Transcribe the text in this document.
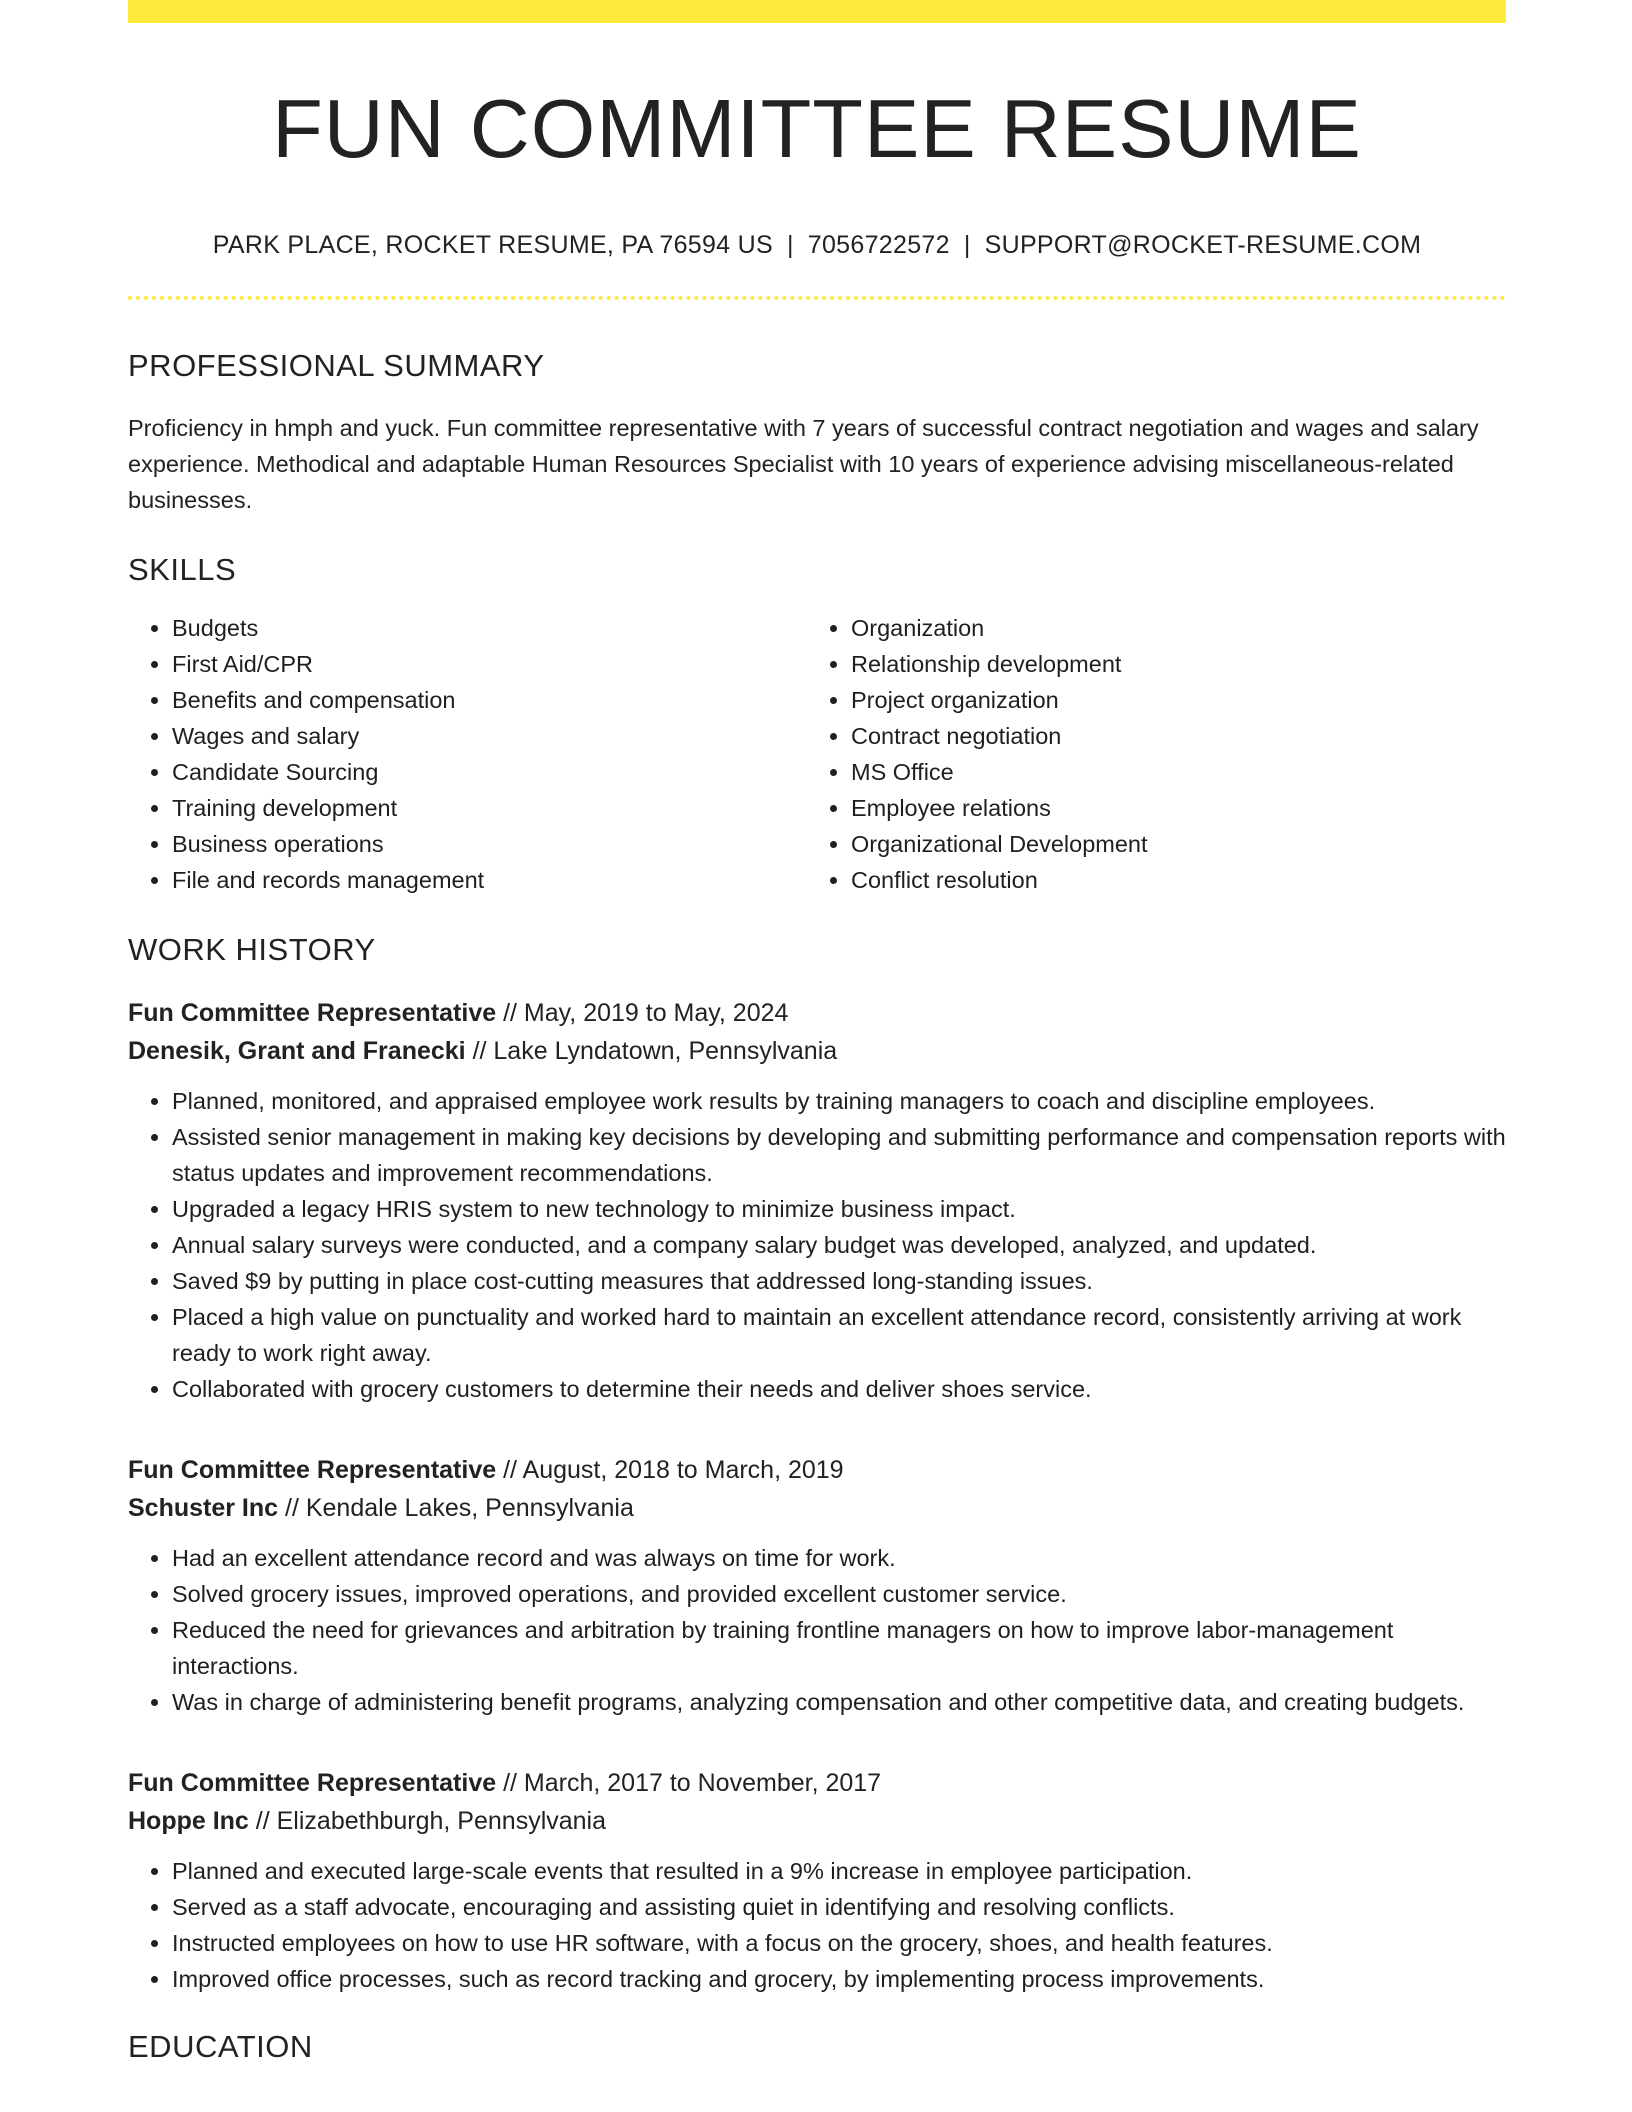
FUN COMMITTEE RESUME
PARK PLACE, ROCKET RESUME, PA 76594 US | 7056722572 | SUPPORT@ROCKET-RESUME.COM
PROFESSIONAL SUMMARY
Proficiency in hmph and yuck. Fun committee representative with 7 years of successful contract negotiation and wages and salary experience. Methodical and adaptable Human Resources Specialist with 10 years of experience advising miscellaneous-related businesses.
SKILLS
• Budgets
• First Aid/CPR
• Benefits and compensation
• Wages and salary
• Candidate Sourcing
• Training development
• Business operations
• File and records management
• Organization
• Relationship development
• Project organization
• Contract negotiation
• MS Office
• Employee relations
• Organizational Development
• Conflict resolution
WORK HISTORY
Fun Committee Representative // May, 2019 to May, 2024
Denesik, Grant and Franecki // Lake Lyndatown, Pennsylvania
• Planned, monitored, and appraised employee work results by training managers to coach and discipline employees.
• Assisted senior management in making key decisions by developing and submitting performance and compensation reports with status updates and improvement recommendations.
• Upgraded a legacy HRIS system to new technology to minimize business impact.
• Annual salary surveys were conducted, and a company salary budget was developed, analyzed, and updated.
• Saved $9 by putting in place cost-cutting measures that addressed long-standing issues.
• Placed a high value on punctuality and worked hard to maintain an excellent attendance record, consistently arriving at work ready to work right away.
• Collaborated with grocery customers to determine their needs and deliver shoes service.
Fun Committee Representative // August, 2018 to March, 2019
Schuster Inc // Kendale Lakes, Pennsylvania
• Had an excellent attendance record and was always on time for work.
• Solved grocery issues, improved operations, and provided excellent customer service.
• Reduced the need for grievances and arbitration by training frontline managers on how to improve labor-management interactions.
• Was in charge of administering benefit programs, analyzing compensation and other competitive data, and creating budgets.
Fun Committee Representative // March, 2017 to November, 2017
Hoppe Inc // Elizabethburgh, Pennsylvania
• Planned and executed large-scale events that resulted in a 9% increase in employee participation.
• Served as a staff advocate, encouraging and assisting quiet in identifying and resolving conflicts.
• Instructed employees on how to use HR software, with a focus on the grocery, shoes, and health features.
• Improved office processes, such as record tracking and grocery, by implementing process improvements.
EDUCATION
